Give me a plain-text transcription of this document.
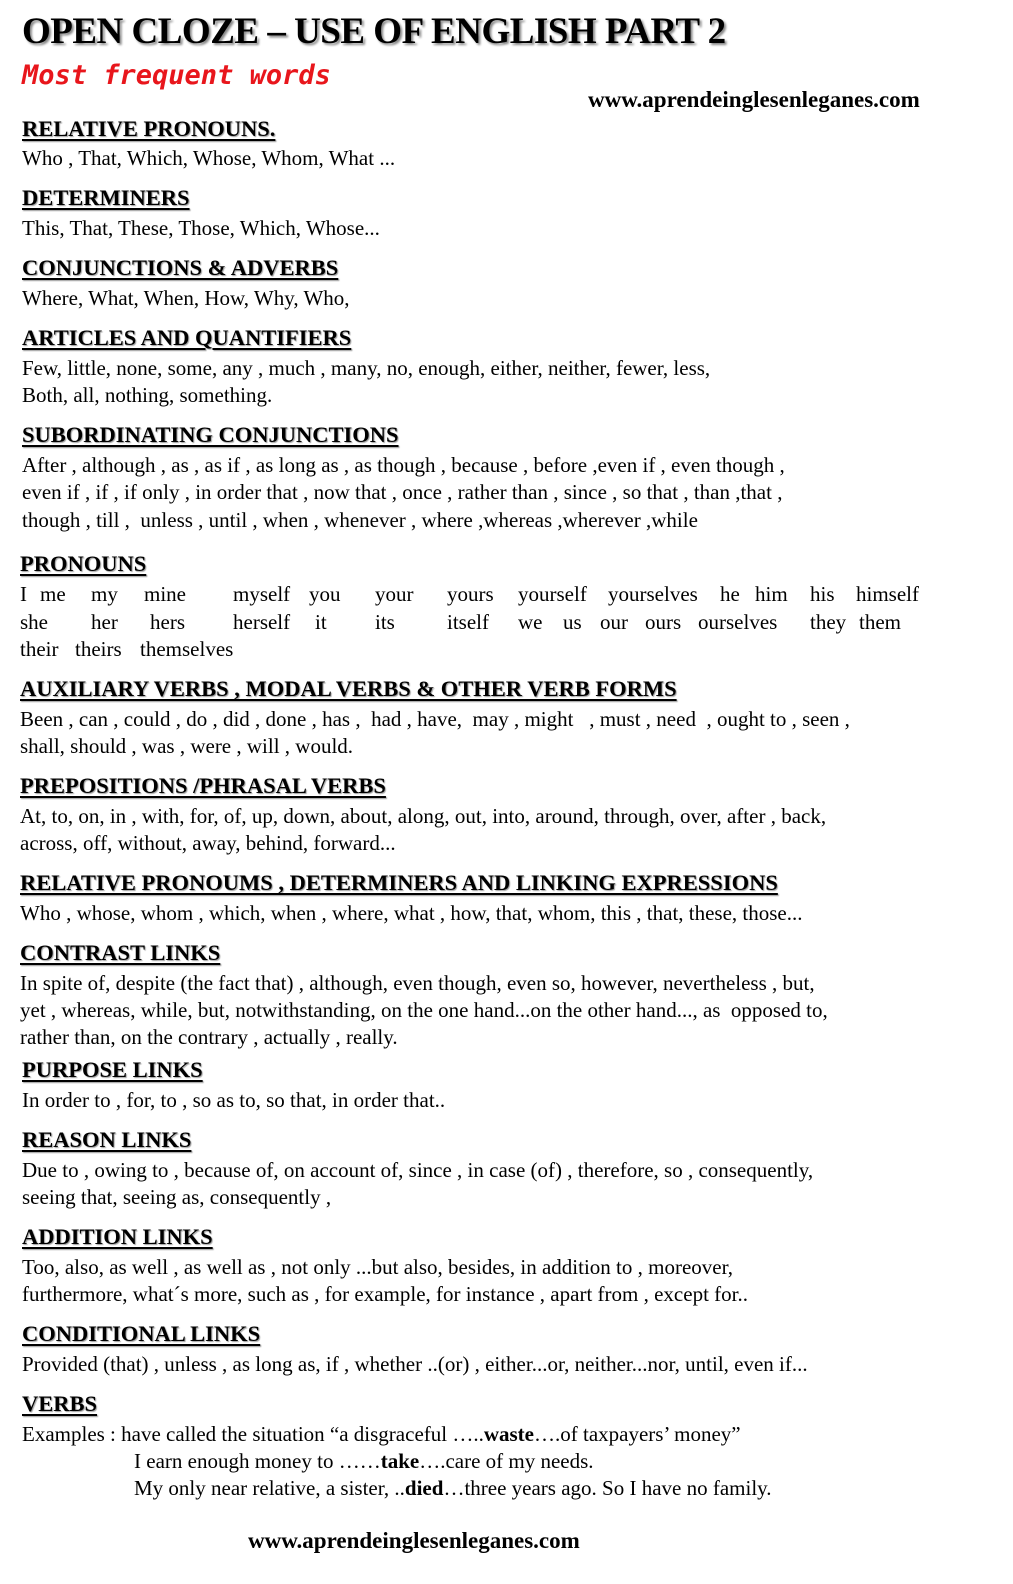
OPEN CLOZE – USE OF ENGLISH PART 2
Most frequent words
www.aprendeinglesenleganes.com
RELATIVE PRONOUNS.
Who , That, Which, Whose, Whom, What ...
DETERMINERS
This, That, These, Those, Which, Whose...
CONJUNCTIONS & ADVERBS
Where, What, When, How, Why, Who,
ARTICLES AND QUANTIFIERS
Few, little, none, some, any , much , many, no, enough, either, neither, fewer, less,
Both, all, nothing, something.
SUBORDINATING CONJUNCTIONS
After , although , as , as if , as long as , as though , because , before ,even if , even though ,
even if , if , if only , in order that , now that , once , rather than , since , so that , than ,that ,
though , till ,  unless , until , when , whenever , where ,whereas ,wherever ,while
PRONOUNS
I me my mine myself you your yours yourself yourselves he him his himself
she her hers herself it its itself we us our ours ourselves they them
their theirs themselves
AUXILIARY VERBS , MODAL VERBS & OTHER VERB FORMS
Been , can , could , do , did , done , has ,  had , have,  may , might   , must , need  , ought to , seen ,
shall, should , was , were , will , would.
PREPOSITIONS /PHRASAL VERBS
At, to, on, in , with, for, of, up, down, about, along, out, into, around, through, over, after , back,
across, off, without, away, behind, forward...
RELATIVE PRONOUMS , DETERMINERS AND LINKING EXPRESSIONS
Who , whose, whom , which, when , where, what , how, that, whom, this , that, these, those...
CONTRAST LINKS
In spite of, despite (the fact that) , although, even though, even so, however, nevertheless , but,
yet , whereas, while, but, notwithstanding, on the one hand...on the other hand..., as  opposed to,
rather than, on the contrary , actually , really.
PURPOSE LINKS
In order to , for, to , so as to, so that, in order that..
REASON LINKS
Due to , owing to , because of, on account of, since , in case (of) , therefore, so , consequently,
seeing that, seeing as, consequently ,
ADDITION LINKS
Too, also, as well , as well as , not only ...but also, besides, in addition to , moreover,
furthermore, what´s more, such as , for example, for instance , apart from , except for..
CONDITIONAL LINKS
Provided (that) , unless , as long as, if , whether ..(or) , either...or, neither...nor, until, even if...
VERBS
Examples : have called the situation “a disgraceful …..waste….of taxpayers’ money”
I earn enough money to ……take….care of my needs.
My only near relative, a sister, ..died…three years ago. So I have no family.
www.aprendeinglesenleganes.com
